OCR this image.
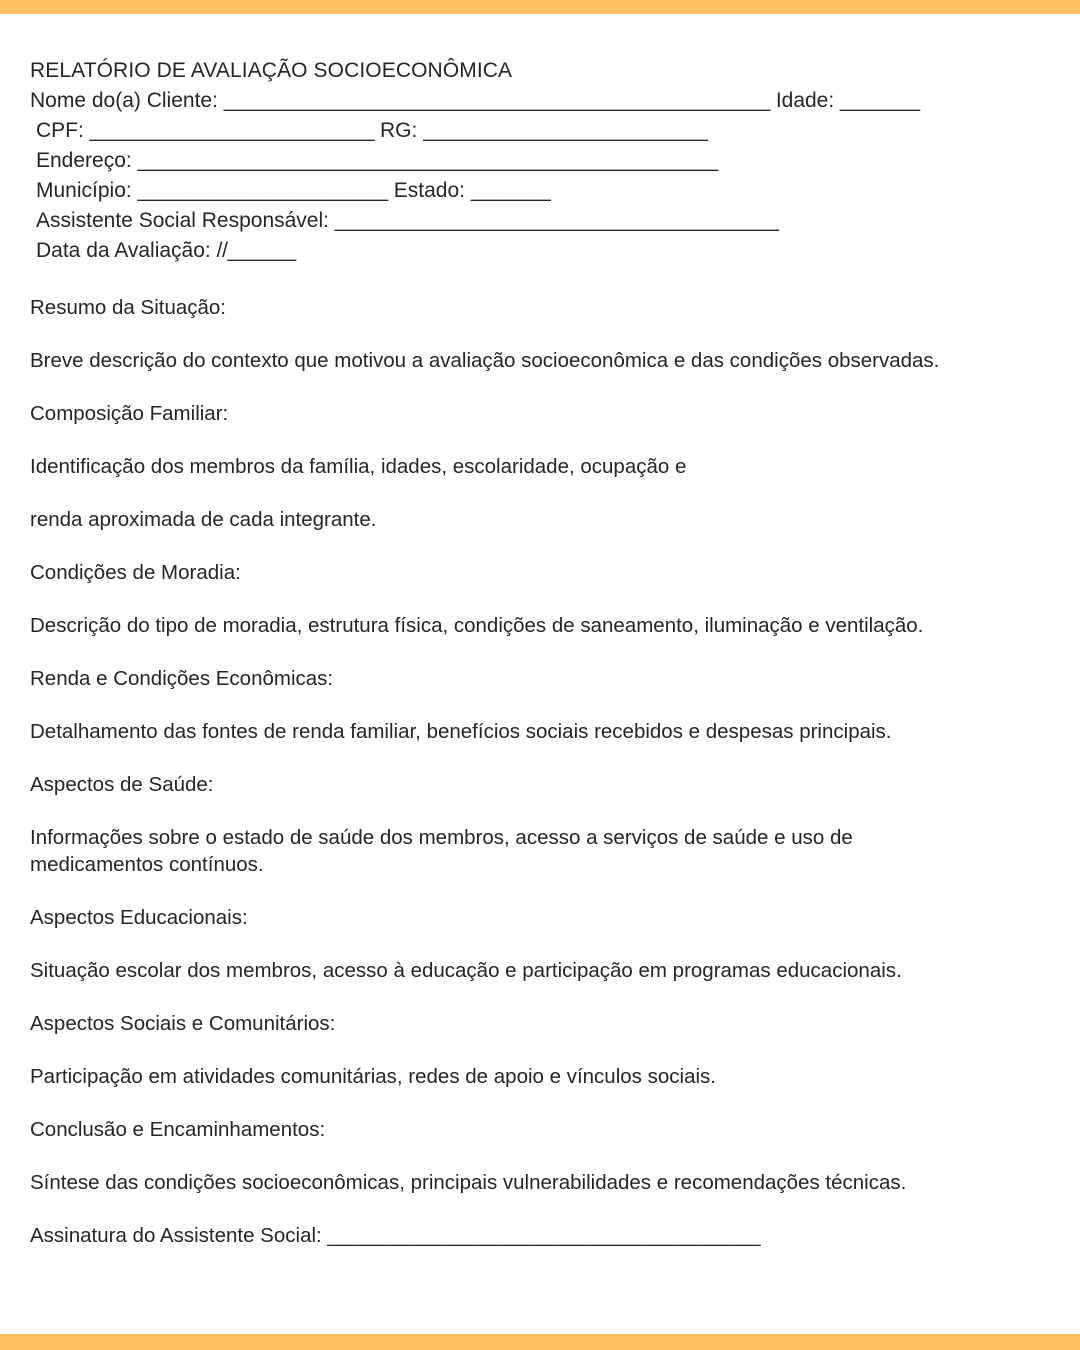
RELATÓRIO DE AVALIAÇÃO SOCIOECONÔMICA
Nome do(a) Cliente: ________________________________________________ Idade: _______
CPF: _________________________ RG: _________________________
Endereço: ___________________________________________________
Município: ______________________ Estado: _______
Assistente Social Responsável: _______________________________________
Data da Avaliação: //______
Resumo da Situação:
Breve descrição do contexto que motivou a avaliação socioeconômica e das condições observadas.
Composição Familiar:
Identificação dos membros da família, idades, escolaridade, ocupação e
renda aproximada de cada integrante.
Condições de Moradia:
Descrição do tipo de moradia, estrutura física, condições de saneamento, iluminação e ventilação.
Renda e Condições Econômicas:
Detalhamento das fontes de renda familiar, benefícios sociais recebidos e despesas principais.
Aspectos de Saúde:
Informações sobre o estado de saúde dos membros, acesso a serviços de saúde e uso de medicamentos contínuos.
Aspectos Educacionais:
Situação escolar dos membros, acesso à educação e participação em programas educacionais.
Aspectos Sociais e Comunitários:
Participação em atividades comunitárias, redes de apoio e vínculos sociais.
Conclusão e Encaminhamentos:
Síntese das condições socioeconômicas, principais vulnerabilidades e recomendações técnicas.
Assinatura do Assistente Social: _______________________________________
